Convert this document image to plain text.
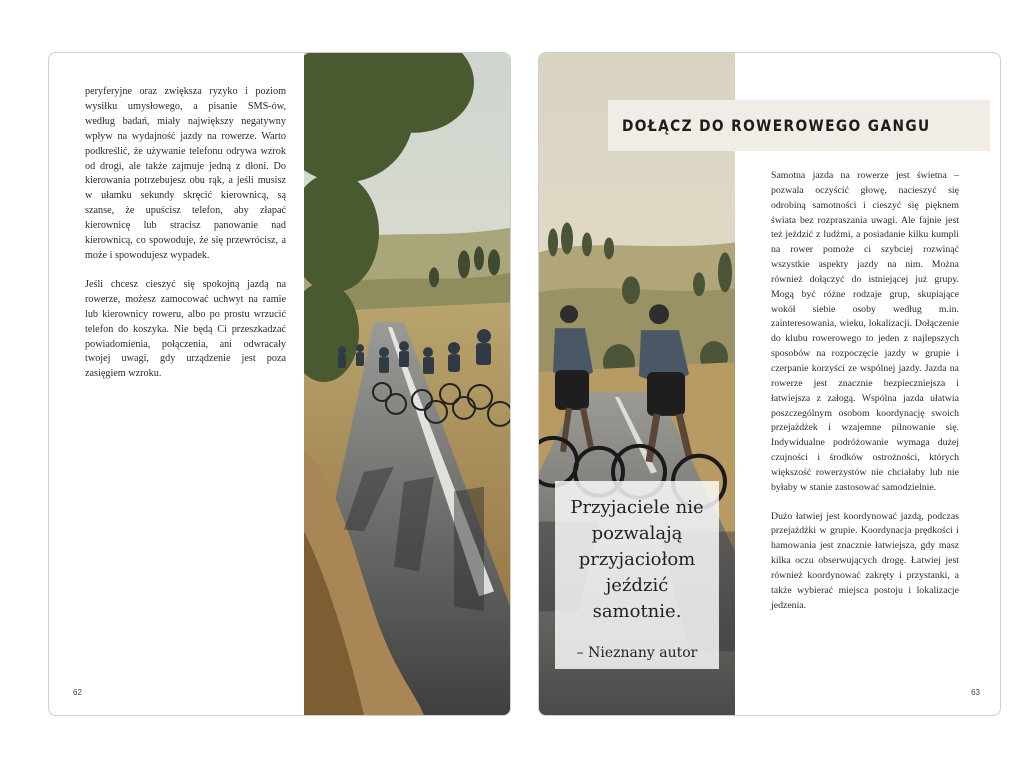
peryferyjne oraz zwiększa ryzyko i poziom wysiłku umysłowego, a pisanie SMS-ów, według badań, miały największy negatywny wpływ na wydajność jazdy na rowerze. Warto podkreślić, że używanie telefonu odrywa wzrok od drogi, ale także zajmuje jedną z dłoni. Do kierowania potrzebujesz obu rąk, a jeśli musisz w ułamku sekundy skręcić kierownicą, są szanse, że upuścisz telefon, aby złapać kierownicę lub stracisz panowanie nad kierownicą, co spowoduje, że się przewrócisz, a może i spowodujesz wypadek.

Jeśli chcesz cieszyć się spokojną jazdą na rowerze, możesz zamocować uchwyt na ramie lub kierownicy roweru, albo po prostu wrzucić telefon do koszyka. Nie będą Ci przeszkadzać powiadomienia, połączenia, ani odwracały twojej uwagi, gdy urządzenie jest poza zasięgiem wzroku.

62
DOŁĄCZ DO ROWEROWEGO GANGU

Samotna jazda na rowerze jest świetna – pozwala oczyścić głowę, nacieszyć się odrobiną samotności i cieszyć się pięknem świata bez rozpraszania uwagi. Ale fajnie jest też jeździć z ludźmi, a posiadanie kilku kumpli na rower pomoże ci szybciej rozwinąć wszystkie aspekty jazdy na nim. Można również dołączyć do istniejącej już grupy. Mogą być różne rodzaje grup, skupiające wokół siebie osoby według m.in. zainteresowania, wieku, lokalizacji. Dołączenie do klubu rowerowego to jeden z najlepszych sposobów na rozpoczęcie jazdy w grupie i czerpanie korzyści ze wspólnej jazdy. Jazda na rowerze jest znacznie bezpieczniejsza i łatwiejsza z załogą. Wspólna jazda ułatwia poszczególnym osobom koordynację swoich przejażdżek i wzajemne pilnowanie się. Indywidualne podróżowanie wymaga dużej czujności i środków ostrożności, których większość rowerzystów nie chciałaby lub nie byłaby w stanie zastosować samodzielnie.

Dużo łatwiej jest koordynować jazdą, podczas przejażdżki w grupie. Koordynacja prędkości i hamowania jest znacznie łatwiejsza, gdy masz kilka oczu obserwujących drogę. Łatwiej jest również koordynować zakręty i przystanki, a także wybierać miejsca postoju i lokalizacje jedzenia.

Przyjaciele nie pozwalają przyjaciołom jeździć samotnie.
– Nieznany autor
63
